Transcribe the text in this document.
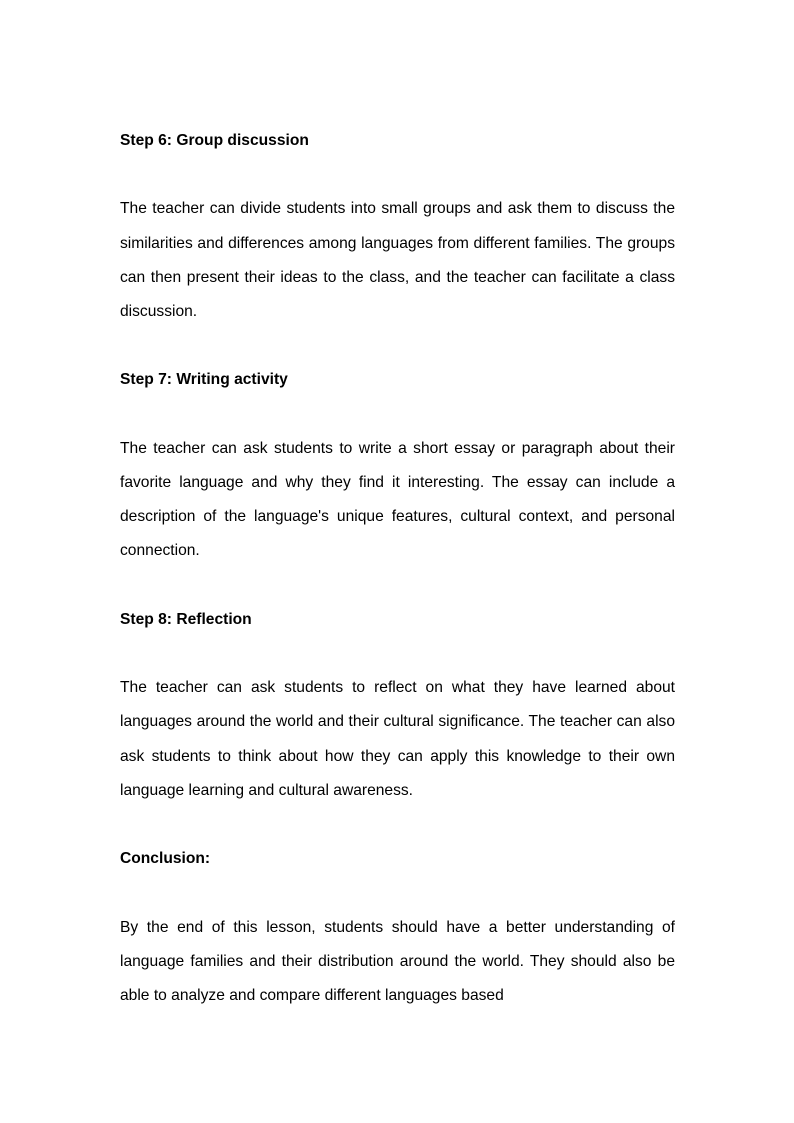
Step 6: Group discussion
The teacher can divide students into small groups and ask them to discuss the similarities and differences among languages from different families. The groups can then present their ideas to the class, and the teacher can facilitate a class discussion.
Step 7: Writing activity
The teacher can ask students to write a short essay or paragraph about their favorite language and why they find it interesting. The essay can include a description of the language's unique features, cultural context, and personal connection.
Step 8: Reflection
The teacher can ask students to reflect on what they have learned about languages around the world and their cultural significance. The teacher can also ask students to think about how they can apply this knowledge to their own language learning and cultural awareness.
Conclusion:
By the end of this lesson, students should have a better understanding of language families and their distribution around the world. They should also be able to analyze and compare different languages based
